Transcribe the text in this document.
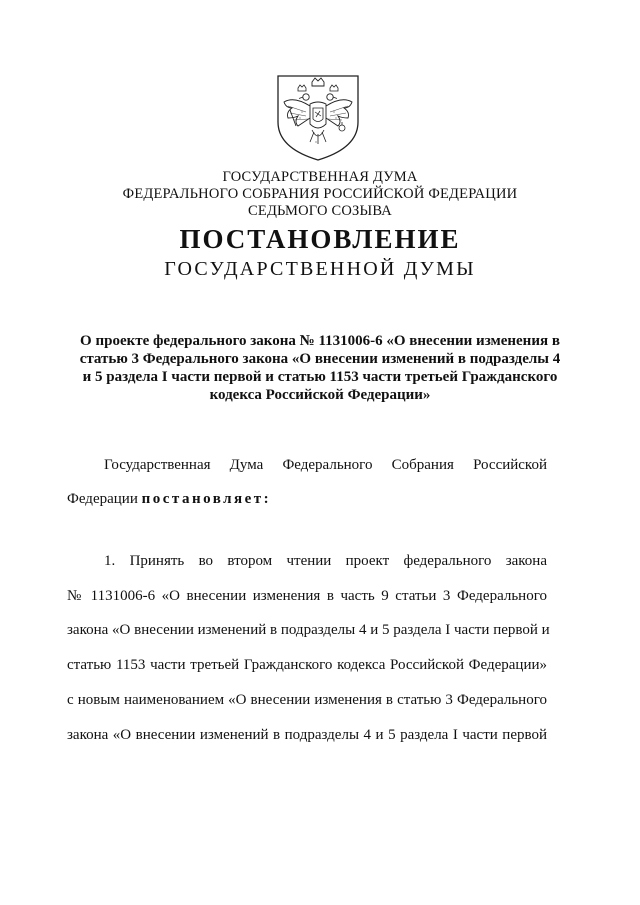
ГОСУДАРСТВЕННАЯ ДУМА
ФЕДЕРАЛЬНОГО СОБРАНИЯ РОССИЙСКОЙ ФЕДЕРАЦИИ
СЕДЬМОГО СОЗЫВА
ПОСТАНОВЛЕНИЕ
ГОСУДАРСТВЕННОЙ ДУМЫ
О проекте федерального закона № 1131006-6 «О внесении изменения в
статью 3 Федерального закона «О внесении изменений в подразделы 4
и 5 раздела I части первой и статью 1153 части третьей Гражданского
кодекса Российской Федерации»
Государственная Дума Федерального Собрания Российской
Федерации постановляет:
1. Принять во втором чтении проект федерального закона
№ 1131006-6 «О внесении изменения в часть 9 статьи 3 Федерального
закона «О внесении изменений в подразделы 4 и 5 раздела I части первой и
статью 1153 части третьей Гражданского кодекса Российской Федерации»
с новым наименованием «О внесении изменения в статью 3 Федерального
закона «О внесении изменений в подразделы 4 и 5 раздела I части первой
